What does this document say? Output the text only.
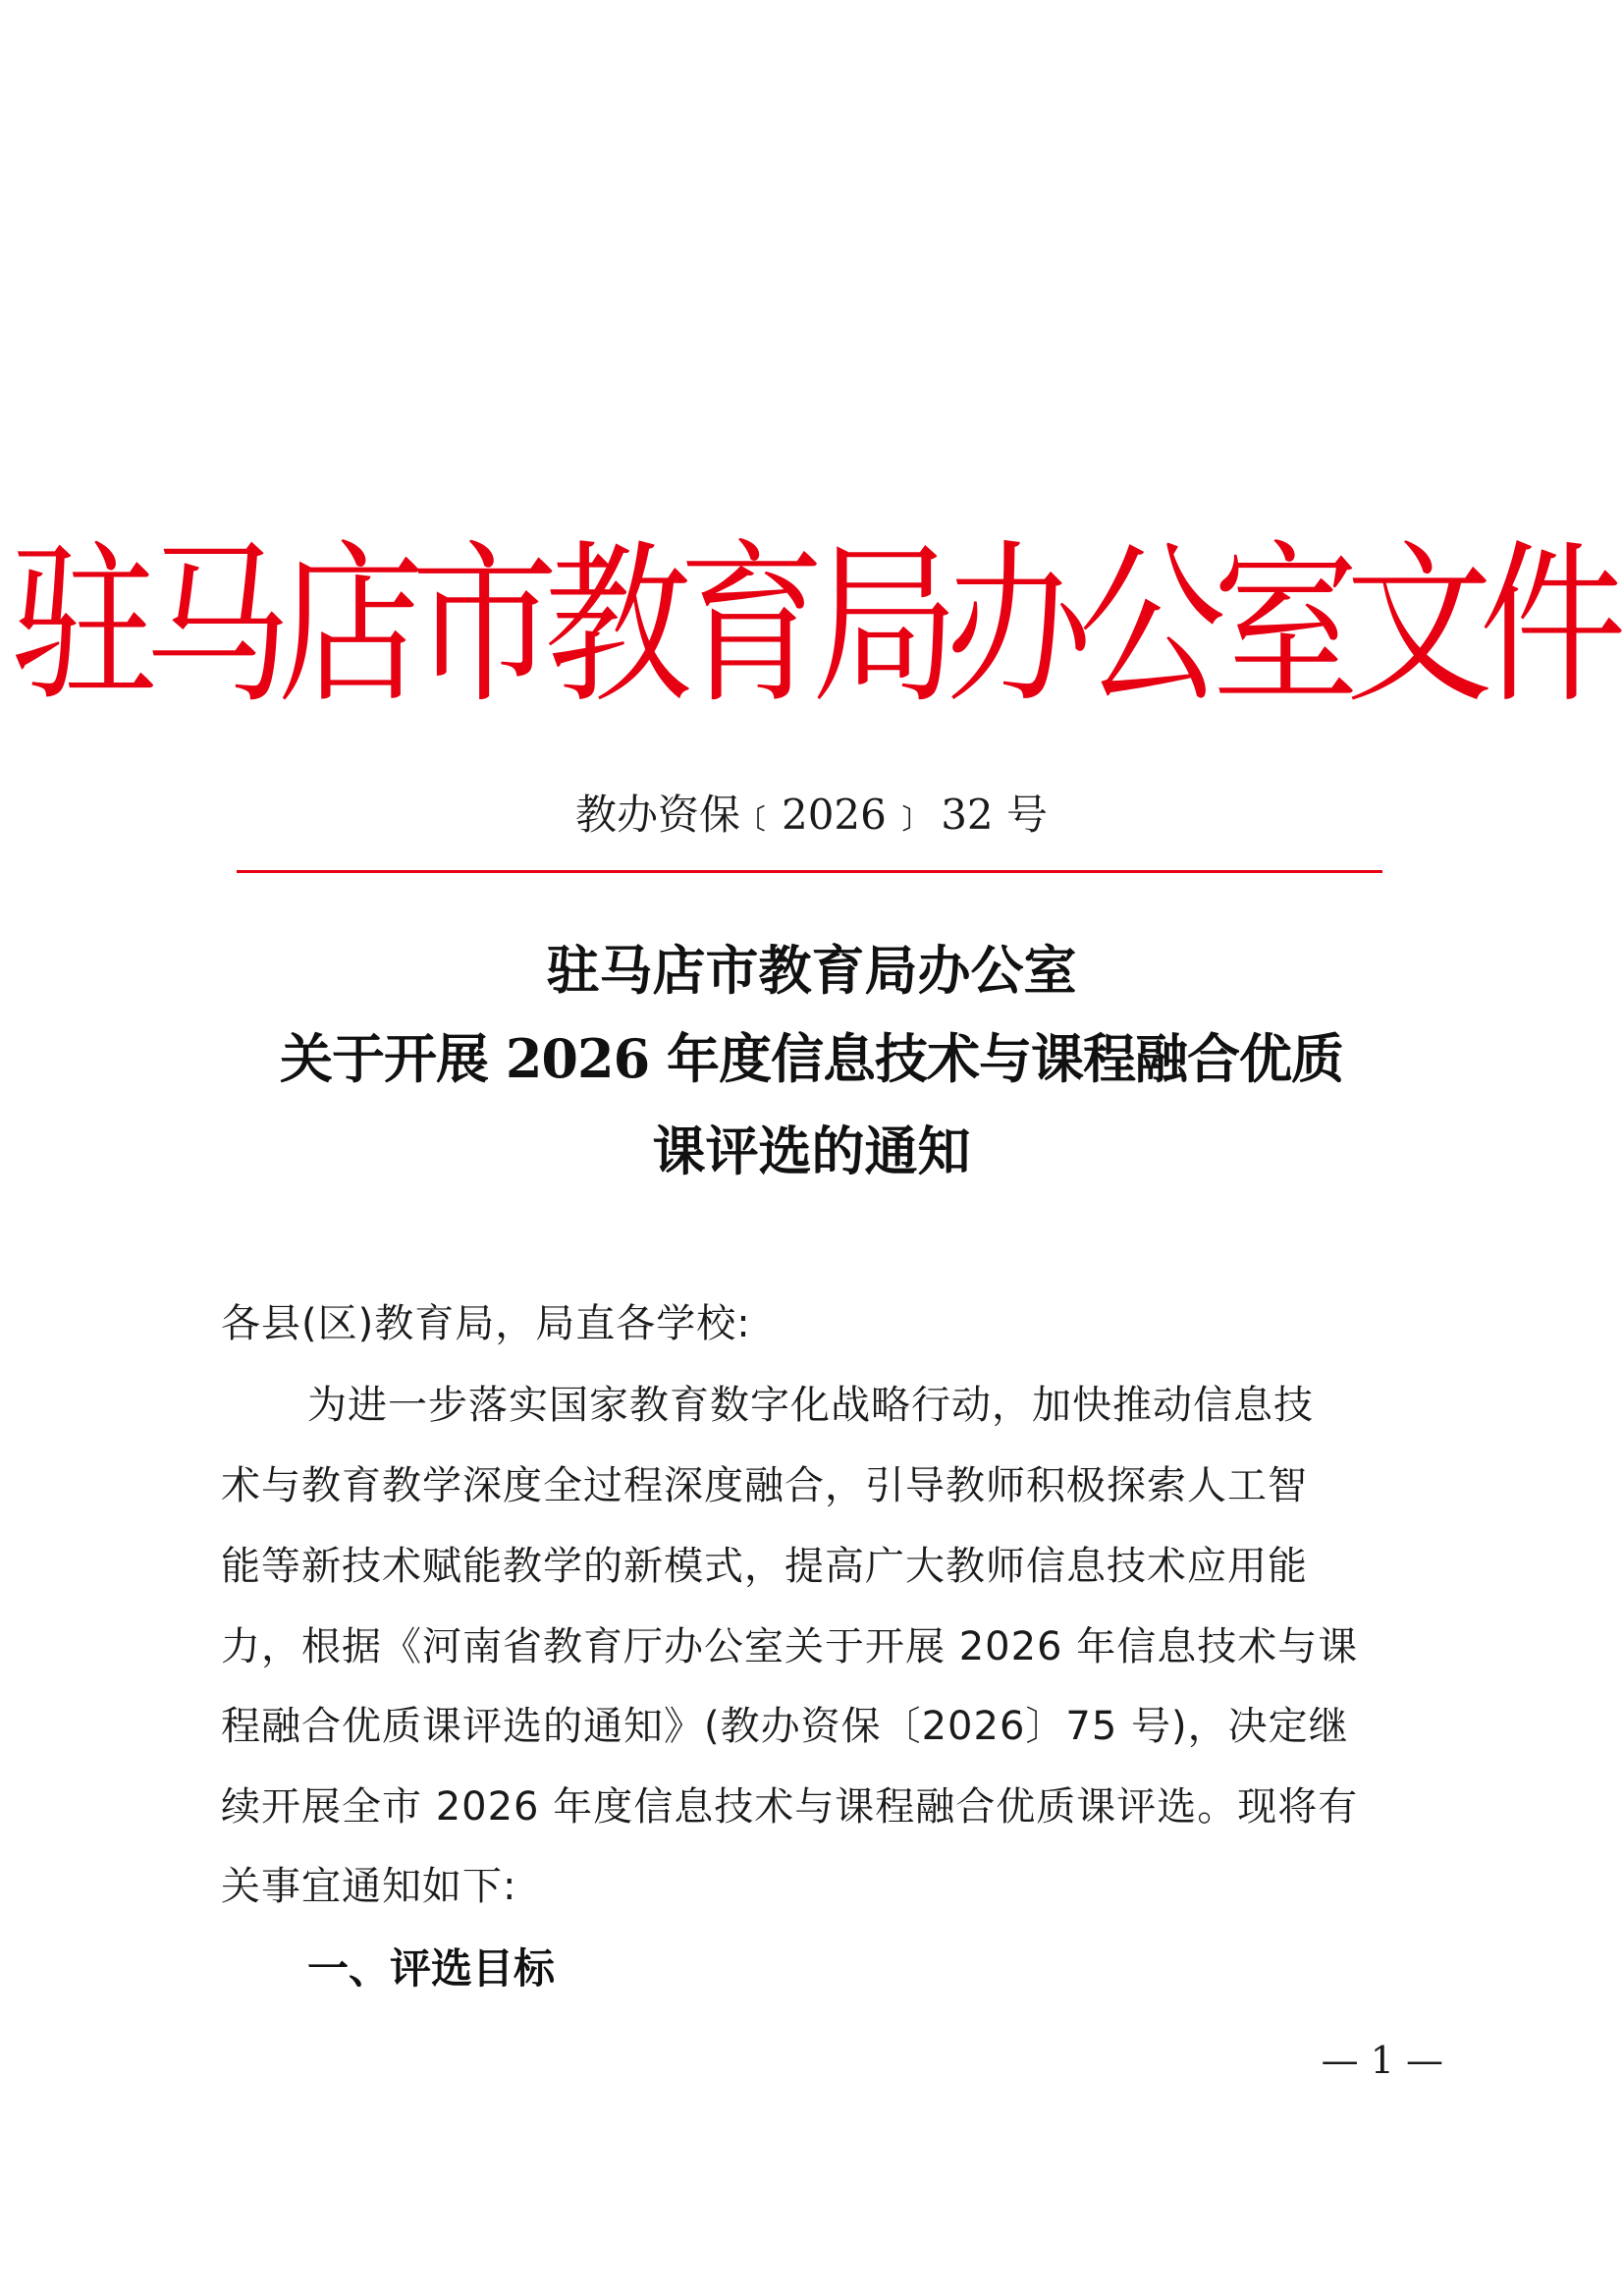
驻马店市教育局办公室文件
教办资保﹝2026﹞ 32 号
驻马店市教育局办公室
关于开展 2026 年度信息技术与课程融合优质
课评选的通知
各县(区)教育局，局直各学校:
为进一步落实国家教育数字化战略行动，加快推动信息技
术与教育教学深度全过程深度融合，引导教师积极探索人工智
能等新技术赋能教学的新模式，提高广大教师信息技术应用能
力，根据《河南省教育厅办公室关于开展 2026 年信息技术与课
程融合优质课评选的通知》(教办资保〔2026〕75 号)，决定继
续开展全市 2026 年度信息技术与课程融合优质课评选。现将有
关事宜通知如下:
一、评选目标
— 1 —
